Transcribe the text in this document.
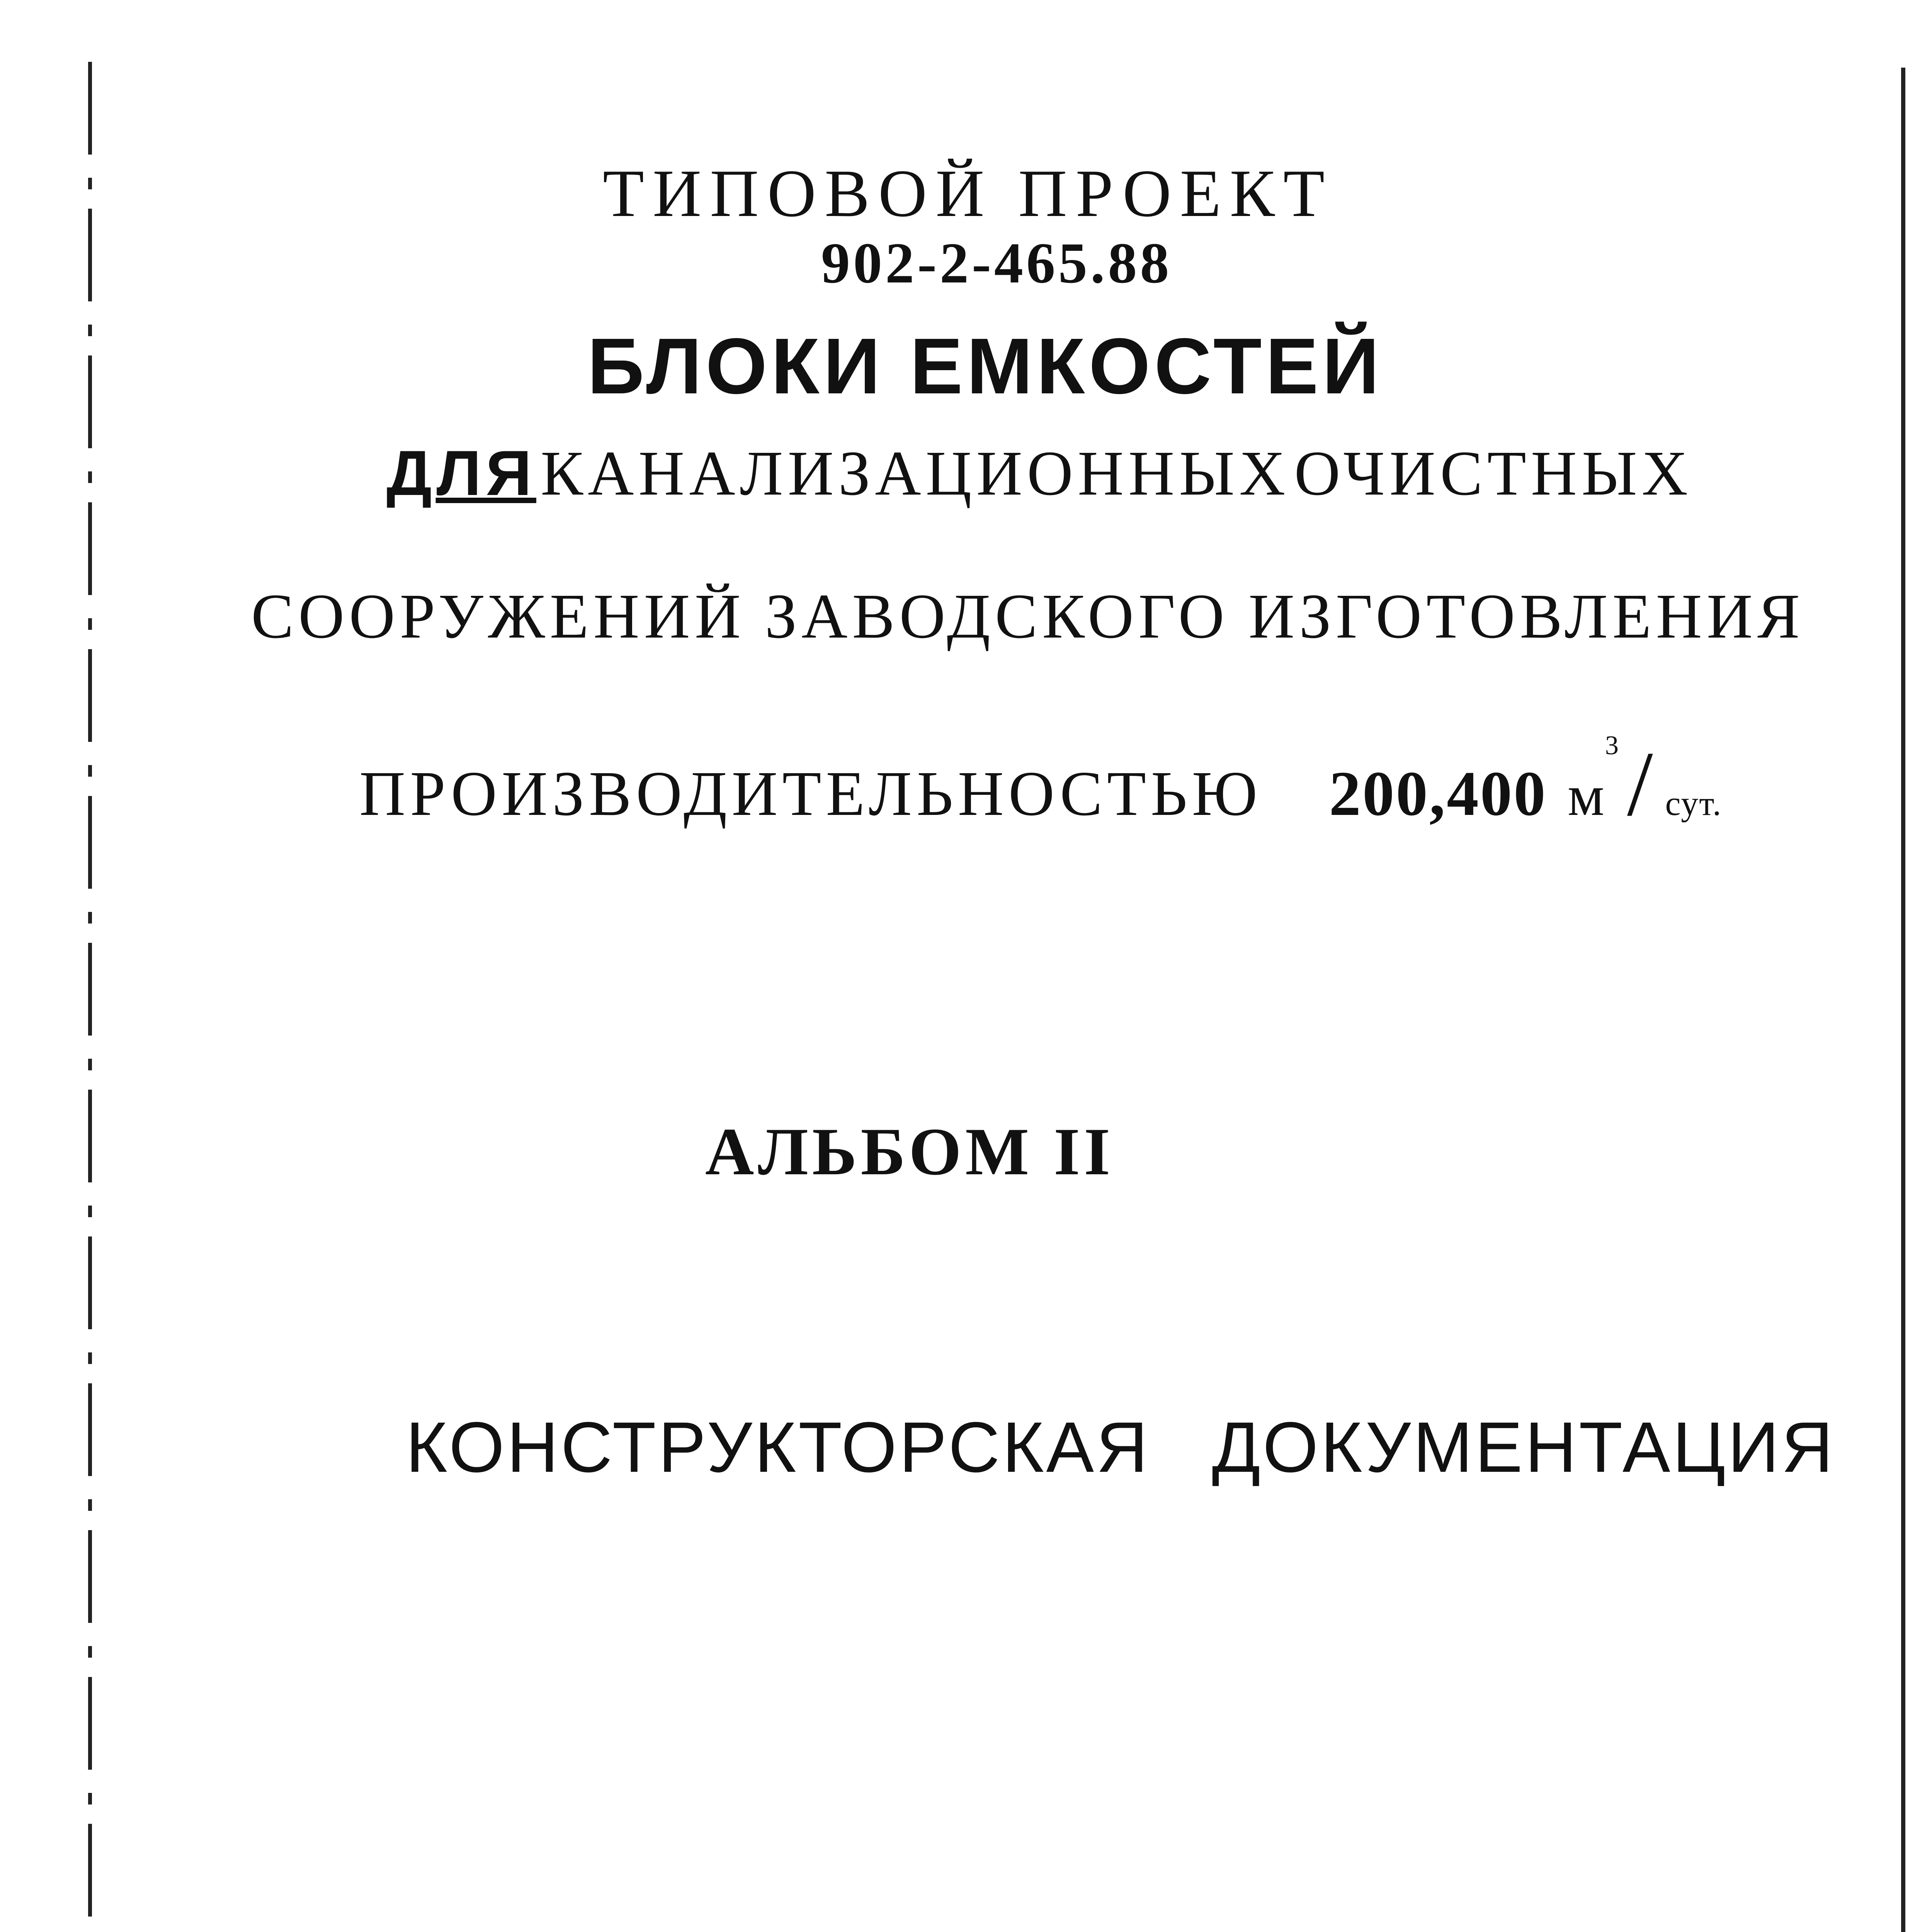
ТИПОВОЙ ПРОЕКТ
902-2-465.88
БЛОКИ ЕМКОСТЕЙ
ДЛЯ КАНАЛИЗАЦИОННЫХ ОЧИСТНЫХ
СООРУЖЕНИЙ ЗАВОДСКОГО ИЗГОТОВЛЕНИЯ
ПРОИЗВОДИТЕЛЬНОСТЬЮ 200,400 $м^3/$ сут.
АЛЬБОМ II
КОНСТРУКТОРСКАЯ ДОКУМЕНТАЦИЯ
